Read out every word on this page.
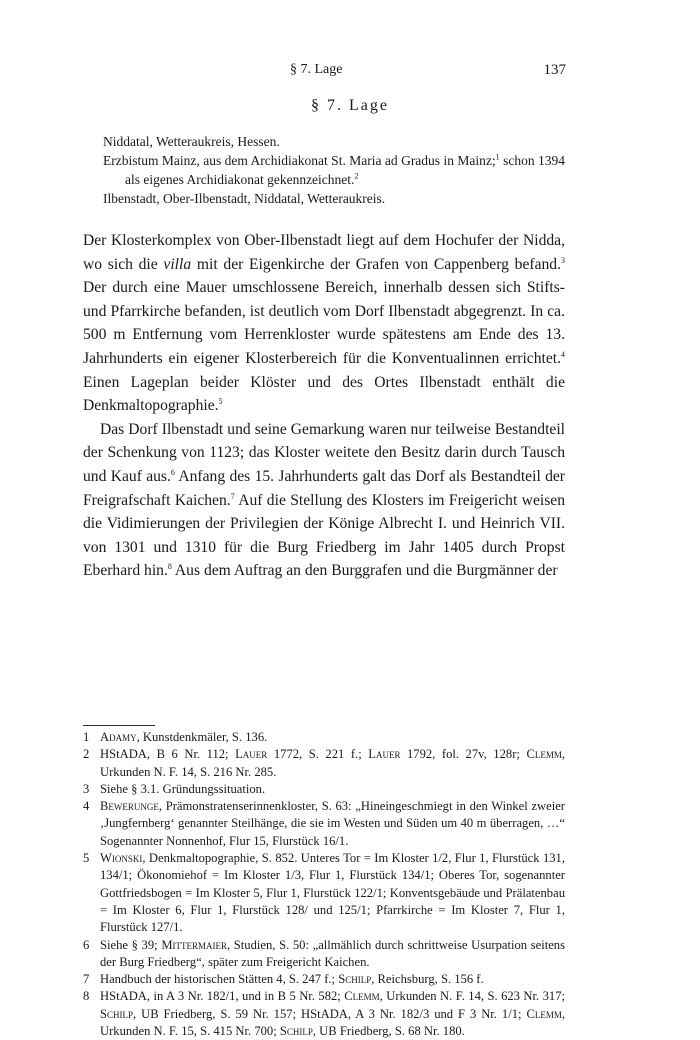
§ 7. Lage	137
§ 7. Lage

Niddatal, Wetteraukreis, Hessen.

Erzbistum Mainz, aus dem Archidiakonat St. Maria ad Gradus in Mainz;$^1$ schon 1394 als eigenes Archidiakonat gekennzeichnet.$^2$

Ilbenstadt, Ober-Ilbenstadt, Niddatal, Wetteraukreis.

Der Klosterkomplex von Ober-Ilbenstadt liegt auf dem Hochufer der Nidda, wo sich die villa mit der Eigenkirche der Grafen von Cappenberg befand.$^3$ Der durch eine Mauer umschlossene Bereich, innerhalb dessen sich Stifts- und Pfarrkirche befanden, ist deutlich vom Dorf Ilbenstadt abgegrenzt. In ca. 500 m Entfernung vom Herrenkloster wurde spätestens am Ende des 13. Jahrhunderts ein eigener Klosterbereich für die Konventualinnen errichtet.$^4$ Einen Lageplan beider Klöster und des Ortes Ilbenstadt enthält die Denkmaltopographie.$^5$

Das Dorf Ilbenstadt und seine Gemarkung waren nur teilweise Bestandteil der Schenkung von 1123; das Kloster weitete den Besitz darin durch Tausch und Kauf aus.$^6$ Anfang des 15. Jahrhunderts galt das Dorf als Bestandteil der Freigrafschaft Kaichen.$^7$ Auf die Stellung des Klosters im Freigericht weisen die Vidimierungen der Privilegien der Könige Albrecht I. und Heinrich VII. von 1301 und 1310 für die Burg Friedberg im Jahr 1405 durch Propst Eberhard hin.$^8$ Aus dem Auftrag an den Burggrafen und die Burgmänner der

1 Adamy, Kunstdenkmäler, S. 136.
2 HStADA, B 6 Nr. 112; Lauer 1772, S. 221 f.; Lauer 1792, fol. 27v, 128r; Clemm, Urkunden N. F. 14, S. 216 Nr. 285.
3 Siehe § 3.1. Gründungssituation.
4 Bewerunge, Prämonstratenserinnenkloster, S. 63: „Hineingeschmiegt in den Winkel zweier ‚Jungfernberg‘ genannter Steilhänge, die sie im Westen und Süden um 40 m überragen, …“ Sogenannter Nonnenhof, Flur 15, Flurstück 16/1.
5 Wionski, Denkmaltopographie, S. 852. Unteres Tor = Im Kloster 1/2, Flur 1, Flurstück 131, 134/1; Ökonomiehof = Im Kloster 1/3, Flur 1, Flurstück 134/1; Oberes Tor, sogenannter Gottfriedsbogen = Im Kloster 5, Flur 1, Flurstück 122/1; Konventsgebäude und Prälatenbau = Im Kloster 6, Flur 1, Flurstück 128/ und 125/1; Pfarrkirche = Im Kloster 7, Flur 1, Flurstück 127/1.
6 Siehe § 39; Mittermaier, Studien, S. 50: „allmählich durch schrittweise Usurpation seitens der Burg Friedberg“, später zum Freigericht Kaichen.
7 Handbuch der historischen Stätten 4, S. 247 f.; Schilp, Reichsburg, S. 156 f.
8 HStADA, in A 3 Nr. 182/1, und in B 5 Nr. 582; Clemm, Urkunden N. F. 14, S. 623 Nr. 317; Schilp, UB Friedberg, S. 59 Nr. 157; HStADA, A 3 Nr. 182/3 und F 3 Nr. 1/1; Clemm, Urkunden N. F. 15, S. 415 Nr. 700; Schilp, UB Friedberg, S. 68 Nr. 180.
